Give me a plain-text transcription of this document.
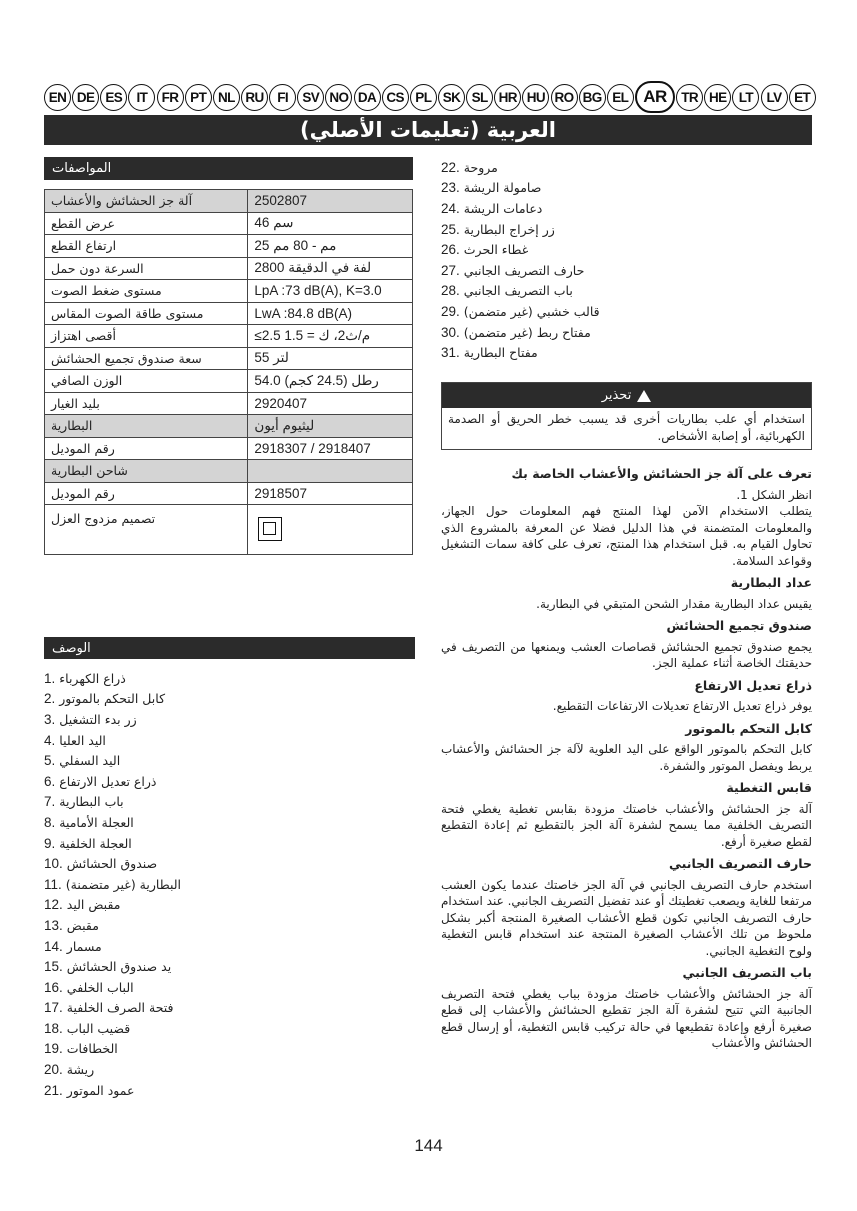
EN DE ES	IT	FR PT NL RU	FI	SV NO DA CS PL SK SL HR HU RO BG EL AR	TR HE LT LV ET
العربية (تعليمات الأصلي)
المواصفات
آلة جز الحشائش والأعشاب	2502807
عرض القطع	46 سم
ارتفاع القطع	25 مم - 80 مم
السرعة دون حمل	2800 لفة في الدقيقة
مستوى ضغط الصوت	LpA :73 dB(A), K=3.0
مستوى طاقة الصوت المقاس	LwA :84.8 dB(A)
أقصى اهتزاز	≤2.5 م/ث2، ك = 1.5
سعة صندوق تجميع الحشائش	55 لتر
الوزن الصافي	54.0 رطل (24.5 كجم)
بليد الغيار	2920407
البطارية	ليثيوم أيون
رقم الموديل	2918307 / 2918407
شاحن البطارية	
رقم الموديل	2918507
تصميم مزدوج العزل	
الوصف
1. ذراع الكهرباء
2. كابل التحكم بالموتور
3. زر بدء التشغيل
4. اليد العليا
5. اليد السفلي
6. ذراع تعديل الارتفاع
7. باب البطارية
8. العجلة الأمامية
9. العجلة الخلفية
10. صندوق الحشائش
11. البطارية (غير متضمنة)
12. مقبض اليد
13. مقبض
14. مسمار
15. يد صندوق الحشائش
16. الباب الخلفي
17. فتحة الصرف الخلفية
18. قضيب الباب
19. الخطافات
20. ريشة
21. عمود الموتور
22. مروحة
23. صامولة الريشة
24. دعامات الريشة
25. زر إخراج البطارية
26. غطاء الحرث
27. حارف التصريف الجانبي
28. باب التصريف الجانبي
29. قالب خشبي (غير متضمن)
30. مفتاح ربط (غير متضمن)
31. مفتاح البطارية
تحذير
استخدام أي علب بطاريات أخرى قد يسبب خطر الحريق أو الصدمة الكهربائية، أو إصابة الأشخاص.
تعرف على آلة جز الحشائش والأعشاب الخاصة بك
انظر الشكل 1.
يتطلب الاستخدام الآمن لهذا المنتج فهم المعلومات حول الجهاز، والمعلومات المتضمنة في هذا الدليل فضلا عن المعرفة بالمشروع الذي تحاول القيام به. قبل استخدام هذا المنتج، تعرف على كافة سمات التشغيل وقواعد السلامة.
عداد البطارية
يقيس عداد البطارية مقدار الشحن المتبقي في البطارية.
صندوق تجميع الحشائش
يجمع صندوق تجميع الحشائش قصاصات العشب ويمنعها من التصريف في حديقتك الخاصة أثناء عملية الجز.
ذراع تعديل الارتفاع
يوفر ذراع تعديل الارتفاع تعديلات الارتفاعات التقطيع.
كابل التحكم بالموتور
كابل التحكم بالموتور الواقع على اليد العلوية لآلة جز الحشائش والأعشاب يربط ويفصل الموتور والشفرة.
قابس التغطية
آلة جز الحشائش والأعشاب خاصتك مزودة بقابس تغطية يغطي فتحة التصريف الخلفية مما يسمح لشفرة آلة الجز بالتقطيع ثم إعادة التقطيع لقطع صغيرة أرفع.
حارف التصريف الجانبي
استخدم حارف التصريف الجانبي في آلة الجز خاصتك عندما يكون العشب مرتفعا للغاية ويصعب تغطيتك أو عند تفضيل التصريف الجانبي. عند استخدام حارف التصريف الجانبي تكون قطع الأعشاب الصغيرة المنتجة أكبر بشكل ملحوظ من تلك الأعشاب الصغيرة المنتجة عند استخدام قابس التغطية ولوح التغطية الجانبي.
باب التصريف الجانبي
آلة جز الحشائش والأعشاب خاصتك مزودة بباب يغطي فتحة التصريف الجانبية التي تتيح لشفرة آلة الجز تقطيع الحشائش والأعشاب إلى قطع صغيرة أرفع وإعادة تقطيعها في حالة تركيب قابس التغطية، أو إرسال قطع الحشائش والأعشاب
144
